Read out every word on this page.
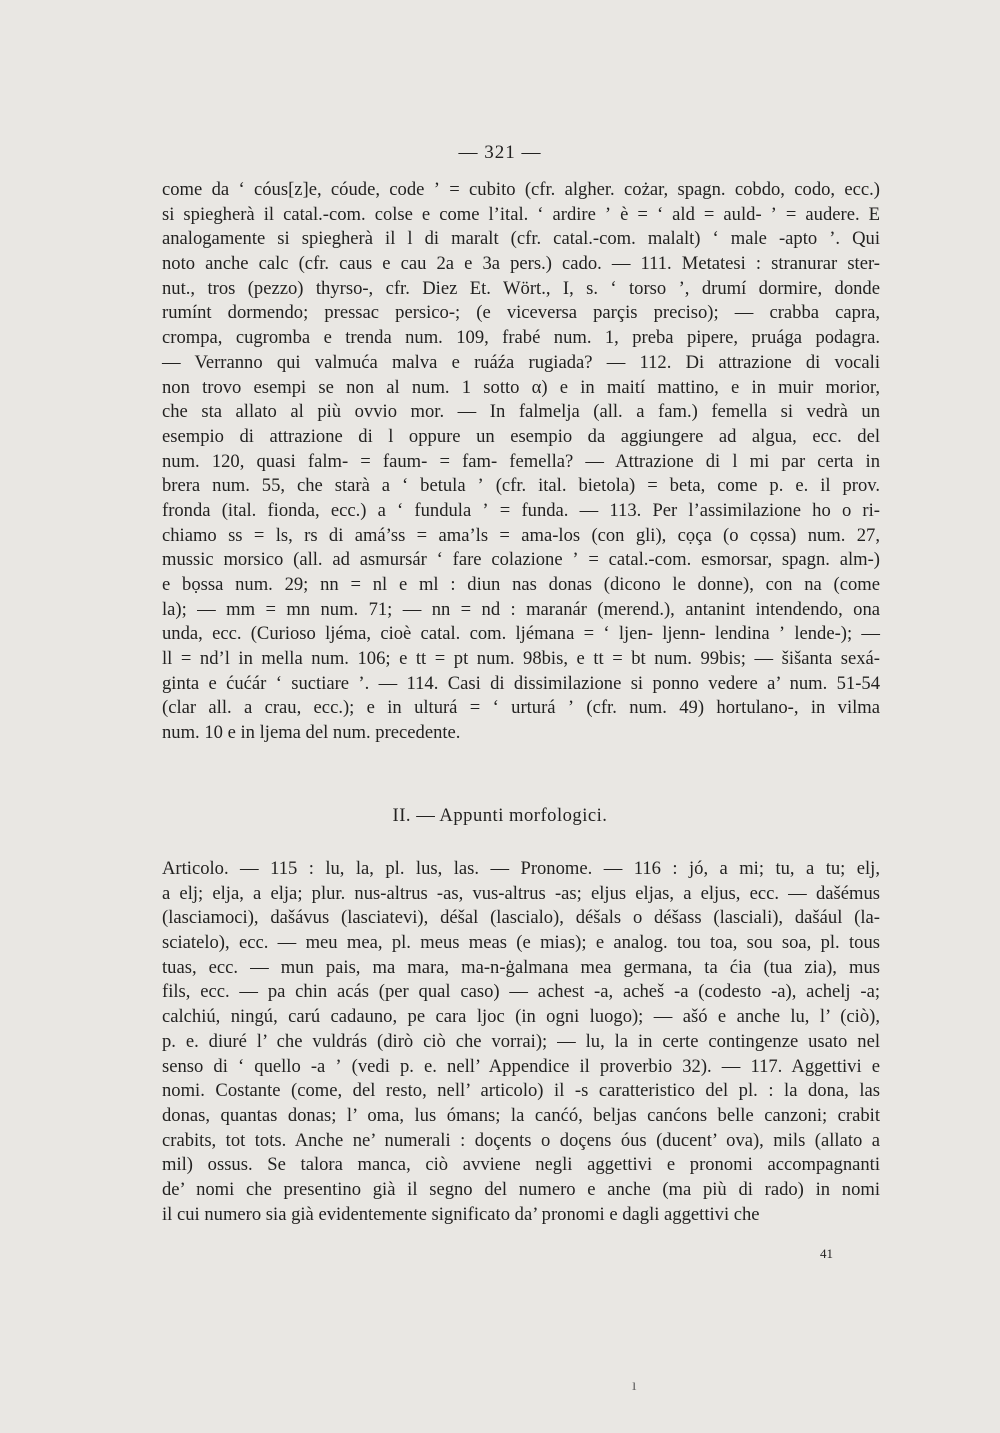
— 321 —
come da ʻ cóus[z]e, cóude, code ʼ = cubito (cfr. algher. cożar, spagn. cobdo, codo, ecc.)
si spiegherà il catal.-com. colse e come l’ital. ʻ ardire ʼ è = ʻ ald = auld- ʼ = audere. E
analogamente si spiegherà il l di maralt (cfr. catal.-com. malalt) ʻ male -apto ʼ. Qui
noto anche calc (cfr. caus e cau 2a e 3a pers.) cado. — 111. Metatesi : stranurar ster-
nut., tros (pezzo) thyrso-, cfr. Diez Et. Wört., I, s. ʻ torso ʼ, drumí dormire, donde
rumínt dormendo; pressac persico-; (e viceversa parçis preciso); — crabba capra,
crompa, cugromba e trenda num. 109, frabé num. 1, preba pipere, pruága podagra.
— Verranno qui valmuća malva e ruáźa rugiada? — 112. Di attrazione di vocali
non trovo esempi se non al num. 1 sotto α) e in maití mattino, e in muir morior,
che sta allato al più ovvio mor. — In falmelja (all. a fam.) femella si vedrà un
esempio di attrazione di l oppure un esempio da aggiungere ad algua, ecc. del
num. 120, quasi falm- = faum- = fam- femella? — Attrazione di l mi par certa in
brera num. 55, che starà a ʻ betula ʼ (cfr. ital. bietola) = beta, come p. e. il prov.
fronda (ital. fionda, ecc.) a ʻ fundula ʼ = funda. — 113. Per l’assimilazione ho o ri-
chiamo ss = ls, rs di amá’ss = ama’ls = ama-los (con gli), cọça (o cọssa) num. 27,
mussic morsico (all. ad asmursár ʻ fare colazione ʼ = catal.-com. esmorsar, spagn. alm-)
e bọssa num. 29; nn = nl e ml : diun nas donas (dicono le donne), con na (come
la); — mm = mn num. 71; — nn = nd : maranár (merend.), antanint intendendo, ona
unda, ecc. (Curioso ljéma, cioè catal. com. ljémana = ʻ ljen- ljenn- lendina ʼ lende-); —
ll = nd’l in mella num. 106; e tt = pt num. 98bis, e tt = bt num. 99bis; — šišanta sexá-
ginta e ćućár ʻ suctiare ʼ. — 114. Casi di dissimilazione si ponno vedere a’ num. 51-54
(clar all. a crau, ecc.); e in ulturá = ʻ urturá ʼ (cfr. num. 49) hortulano-, in vilma
num. 10 e in ljema del num. precedente.
II. — Appunti morfologici.
Articolo. — 115 : lu, la, pl. lus, las. — Pronome. — 116 : jó, a mi; tu, a tu; elj,
a elj; elja, a elja; plur. nus-altrus -as, vus-altrus -as; eljus eljas, a eljus, ecc. — dašémus
(lasciamoci), dašávus (lasciatevi), déšal (lascialo), déšals o déšass (lasciali), dašául (la-
sciatelo), ecc. — meu mea, pl. meus meas (e mias); e analog. tou toa, sou soa, pl. tous
tuas, ecc. — mun pais, ma mara, ma-n-ġalmana mea germana, ta ćia (tua zia), mus
fils, ecc. — pa chin acás (per qual caso) — achest -a, acheš -a (codesto -a), achelj -a;
calchiú, ningú, carú cadauno, pe cara ljoc (in ogni luogo); — ašó e anche lu, l’ (ciò),
p. e. diuré l’ che vuldrás (dirò ciò che vorrai); — lu, la in certe contingenze usato nel
senso di ʻ quello -a ʼ (vedi p. e. nell’ Appendice il proverbio 32). — 117. Aggettivi e
nomi. Costante (come, del resto, nell’ articolo) il -s caratteristico del pl. : la dona, las
donas, quantas donas; l’ oma, lus ómans; la canćó, beljas canćons belle canzoni; crabit
crabits, tot tots. Anche ne’ numerali : doçents o doçens óus (ducent’ ova), mils (allato a
mil) ossus. Se talora manca, ciò avviene negli aggettivi e pronomi accompagnanti
de’ nomi che presentino già il segno del numero e anche (ma più di rado) in nomi
il cui numero sia già evidentemente significato da’ pronomi e dagli aggettivi che
41
ı
